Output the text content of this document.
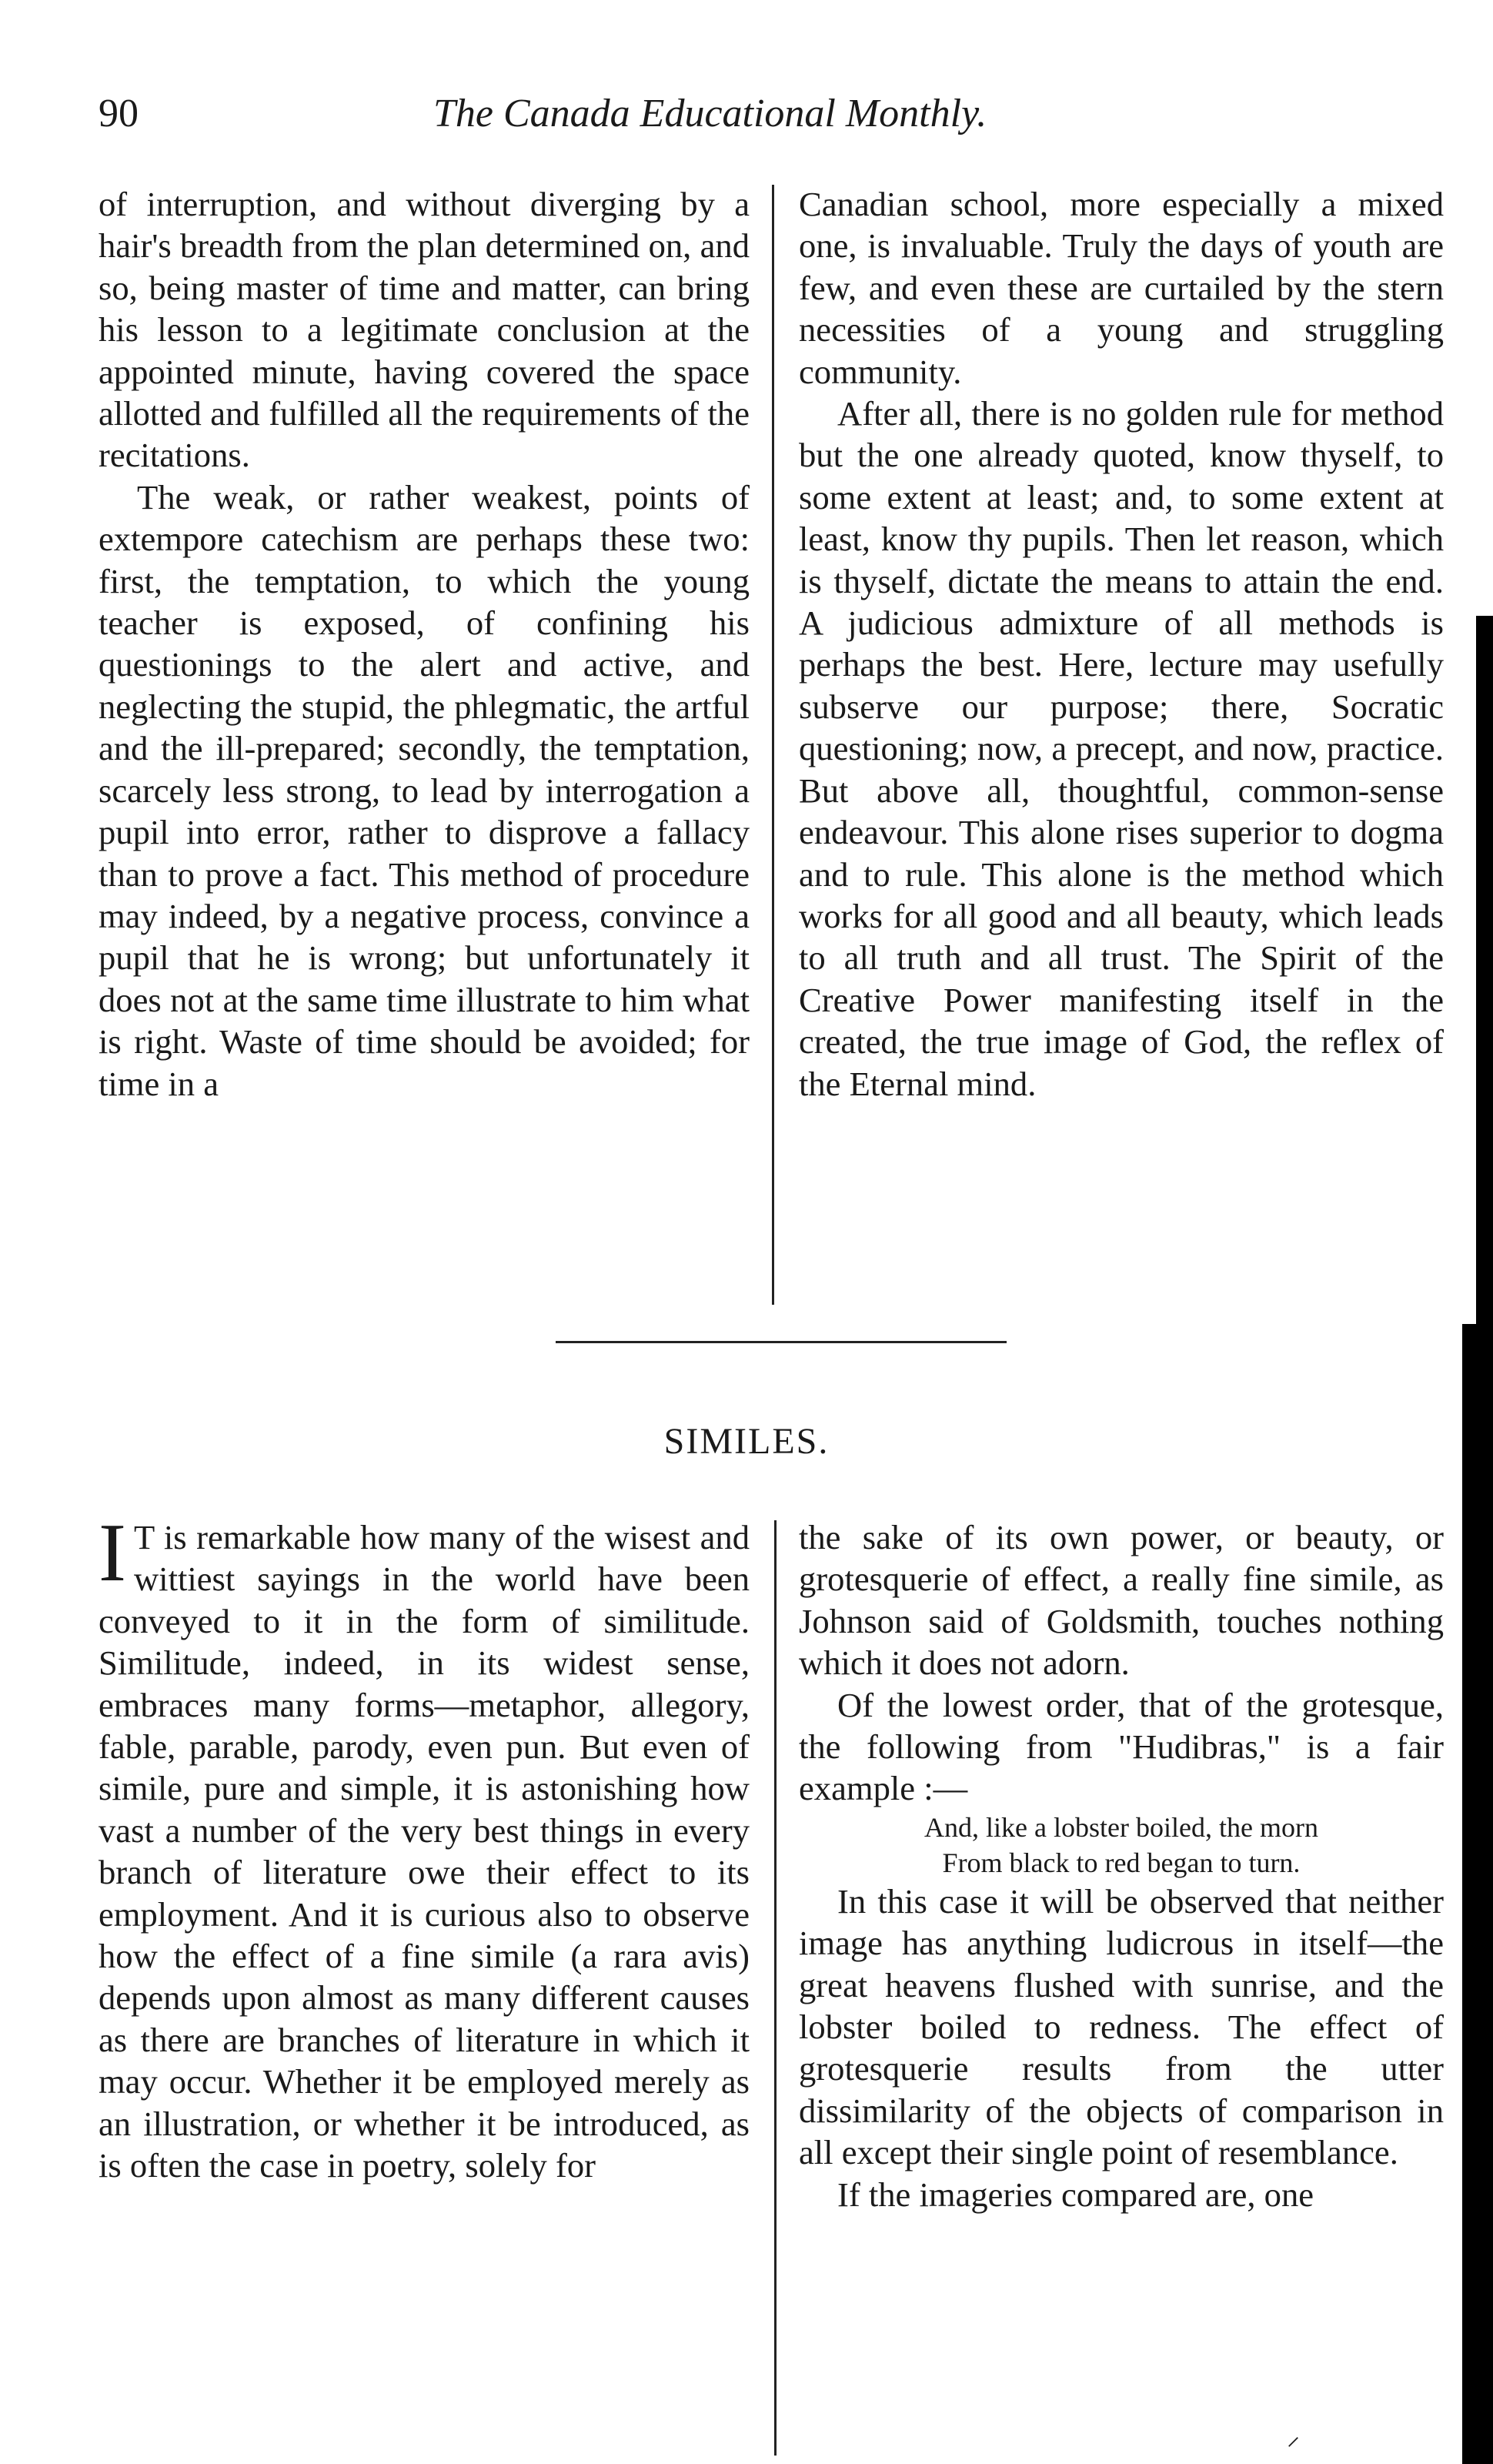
90	The Canada Educational Monthly.

of interruption, and without diverging by a hair's breadth from the plan determined on, and so, being master of time and matter, can bring his lesson to a legitimate conclusion at the appointed minute, having covered the space allotted and fulfilled all the requirements of the recitations.

The weak, or rather weakest, points of extempore catechism are perhaps these two: first, the temptation, to which the young teacher is exposed, of confining his questionings to the alert and active, and neglecting the stupid, the phlegmatic, the artful and the ill-prepared; secondly, the temptation, scarcely less strong, to lead by interrogation a pupil into error, rather to disprove a fallacy than to prove a fact. This method of procedure may indeed, by a negative process, convince a pupil that he is wrong; but unfortunately it does not at the same time illustrate to him what is right. Waste of time should be avoided; for time in a

Canadian school, more especially a mixed one, is invaluable. Truly the days of youth are few, and even these are curtailed by the stern necessities of a young and struggling community.

After all, there is no golden rule for method but the one already quoted, know thyself, to some extent at least; and, to some extent at least, know thy pupils. Then let reason, which is thyself, dictate the means to attain the end. A judicious admixture of all methods is perhaps the best. Here, lecture may usefully subserve our purpose; there, Socratic questioning; now, a precept, and now, practice. But above all, thoughtful, common-sense endeavour. This alone rises superior to dogma and to rule. This alone is the method which works for all good and all beauty, which leads to all truth and all trust. The Spirit of the Creative Power manifesting itself in the created, the true image of God, the reflex of the Eternal mind.

SIMILES.

I T is remarkable how many of the wisest and wittiest sayings in the world have been conveyed to it in the form of similitude. Similitude, indeed, in its widest sense, embraces many forms—metaphor, allegory, fable, parable, parody, even pun. But even of simile, pure and simple, it is astonishing how vast a number of the very best things in every branch of literature owe their effect to its employment. And it is curious also to observe how the effect of a fine simile (a rara avis) depends upon almost as many different causes as there are branches of literature in which it may occur. Whether it be employed merely as an illustration, or whether it be introduced, as is often the case in poetry, solely for

the sake of its own power, or beauty, or grotesquerie of effect, a really fine simile, as Johnson said of Goldsmith, touches nothing which it does not adorn.

Of the lowest order, that of the grotesque, the following from "Hudibras," is a fair example :—

And, like a lobster boiled, the morn
From black to red began to turn.

In this case it will be observed that neither image has anything ludicrous in itself—the great heavens flushed with sunrise, and the lobster boiled to redness. The effect of grotesquerie results from the utter dissimilarity of the objects of comparison in all except their single point of resemblance.

If the imageries compared are, one

⸝
